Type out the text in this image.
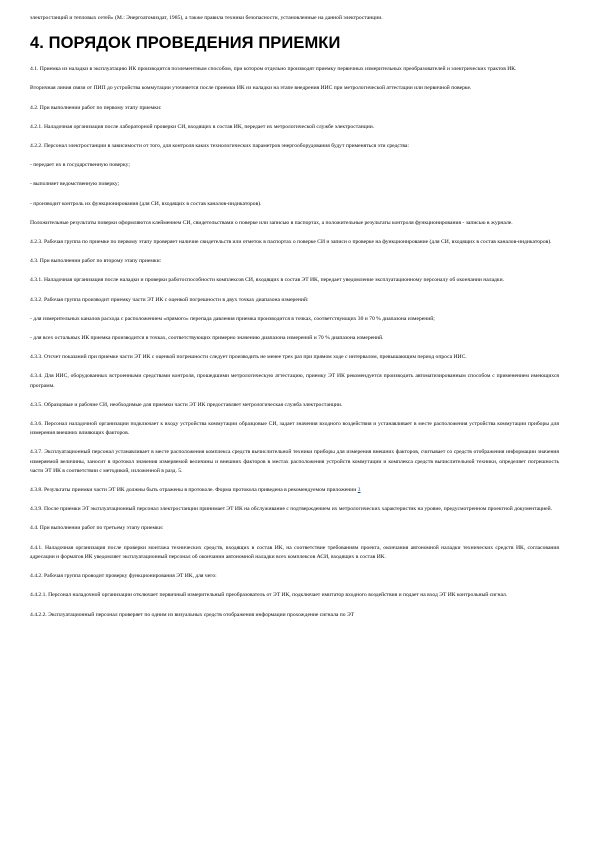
электростанций и тепловых сетей» (М.: Энергоатомиздат, 1985), а также правила техники безопасности, установленные на данной электростанции.

4. ПОРЯДОК ПРОВЕДЕНИЯ ПРИЕМКИ

4.1. Приемка из наладки в эксплуатацию ИК производится поэлементным способом, при котором отдельно производят приемку первичных измерительных преобразователей и электрических трактов ИК.

Вторичная линия связи от ПИП до устройства коммутации уточняется после приемки ИК из наладки на этапе внедрения ИИС при метрологической аттестации или первичной поверке.

4.2. При выполнении работ по первому этапу приемки:

4.2.1. Наладочная организация после лабораторной проверки СИ, входящих в состав ИК, передает их метрологической службе электростанции.

4.2.2. Персонал электростанции в зависимости от того, для контроля каких технологических параметров энергооборудования будут применяться эти средства:

- передает их в государственную поверку;

- выполняет ведомственную поверку;

- производит контроль их функционирования (для СИ, входящих в состав каналов-индикаторов).

Положительные результаты поверки оформляются клеймением СИ, свидетельствами о поверке или записью в паспортах, а положительные результаты контроля функционирования - записью в журнале.

4.2.3. Рабочая группа по приемке по первому этапу проверяет наличие свидетельств или отметок в паспортах о поверке СИ и записи о проверке на функционирование (для СИ, входящих в состав каналов-индикаторов).

4.3. При выполнении работ по второму этапу приемки:

4.3.1. Наладочная организация после наладки и проверки работоспособности комплексов СИ, входящих в состав ЭТ ИК, передает уведомление эксплуатационному персоналу об окончании наладки.

4.3.2. Рабочая группа производит приемку части ЭТ ИК с оценкой погрешности в двух точках диапазона измерений:

- для измерительных каналов расхода с расположением «прямого» перепада давления приемка производится в точках, соответствующих 30 и 70 % диапазона измерений;

- для всех остальных ИК приемка производится в точках, соответствующих примерно значению диапазона измерений и 70 % диапазона измерений.

4.3.3. Отсчет показаний при приемке части ЭТ ИК с оценкой погрешности следует производить не менее трех раз при прямом ходе с интервалом, превышающим период опроса ИИС.

4.3.4. Для ИИС, оборудованных встроенными средствами контроля, прошедшими метрологическую аттестацию, приемку ЭТ ИК рекомендуется производить автоматизированным способом с применением имеющихся программ.

4.3.5. Образцовые и рабочие СИ, необходимые для приемки части ЭТ ИК предоставляет метрологическая служба электростанции.

4.3.6. Персонал наладочной организации подключает к входу устройства коммутации образцовые СИ, задает значения входного воздействия и устанавливает в месте расположения устройства коммутации приборы для измерения внешних влияющих факторов.

4.3.7. Эксплуатационный персонал устанавливает в месте расположения комплекса средств вычислительной техники приборы для измерения внешних факторов, считывает со средств отображения информации значения измеряемой величины, заносит в протокол значения измеряемой величины и внешних факторов в местах расположения устройств коммутации и комплекса средств вычислительной техники, определяет погрешность части ЭТ ИК в соответствии с методикой, изложенной в разд. 5.

4.3.8. Результаты приемки части ЭТ ИК должны быть отражены в протоколе. Форма протокола приведена в рекомендуемом приложении 3

4.3.9. После приемки ЭТ эксплуатационный персонал электростанции принимает ЭТ ИК на обслуживание с подтверждением их метрологических характеристик на уровне, предусмотренном проектной документацией.

4.4. При выполнении работ по третьему этапу приемки:

4.4.1. Наладочная организация после проверки монтажа технических средств, входящих в состав ИК, на соответствие требованиям проекта, окончания автономной наладки технических средств ИК, согласования адресации и форматов ИК уведомляет эксплуатационный персонал об окончании автономной наладки всех комплексов АСИ, входящих в состав ИК.

4.4.2. Рабочая группа проводит проверку функционирования ЭТ ИК, для чего:

4.4.2.1. Персонал наладочной организации отключает первичный измерительный преобразователь от ЭТ ИК, подключает имитатор входного воздействия и подает на вход ЭТ ИК контрольный сигнал.

4.4.2.2. Эксплуатационный персонал проверяет по одним из визуальных средств отображения информации прохождение сигнала по ЭТ
